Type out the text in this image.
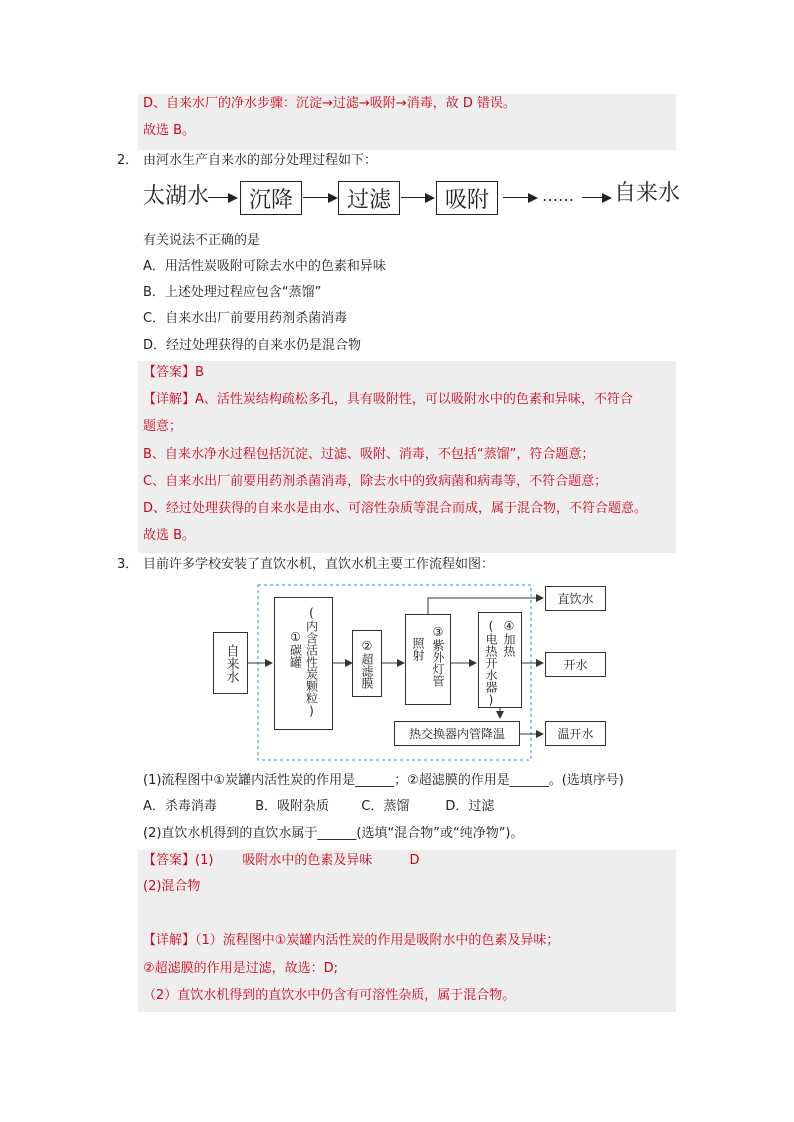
D、自来水厂的净水步骤：沉淀→过滤→吸附→消毒，故 D 错误。
故选 B。
2． 由河水生产自来水的部分处理过程如下：
太湖水	沉降	过滤	吸附	…… 自来水
有关说法不正确的是
A．用活性炭吸附可除去水中的色素和异味
B．上述处理过程应包含“蒸馏”
C．自来水出厂前要用药剂杀菌消毒
D．经过处理获得的自来水仍是混合物
【答案】B
【详解】A、活性炭结构疏松多孔，具有吸附性，可以吸附水中的色素和异味，不符合
题意；
B、自来水净水过程包括沉淀、过滤、吸附、消毒，不包括“蒸馏”，符合题意；
C、自来水出厂前要用药剂杀菌消毒，除去水中的致病菌和病毒等，不符合题意；
D、经过处理获得的自来水是由水、可溶性杂质等混合而成，属于混合物，不符合题意。
故选 B。
3． 目前许多学校安装了直饮水机，直饮水机主要工作流程如图：
自来水	(内含活性炭颗粒)
①碳罐	②超滤膜	③紫外灯管
照射	④加热
(电热开水器)
热交换器内管降温
直饮水
开水
温开水
(1)流程图中①炭罐内活性炭的作用是______；②超滤膜的作用是______。(选填序号)
A．杀毒消毒	B．吸附杂质 C．蒸馏	D．过滤
(2)直饮水机得到的直饮水属于______(选填“混合物”或“纯净物”)。
【答案】(1)       吸附水中的色素及异味         D
(2)混合物
【详解】（1）流程图中①炭罐内活性炭的作用是吸附水中的色素及异味；
②超滤膜的作用是过滤，故选：D;
（2）直饮水机得到的直饮水中仍含有可溶性杂质，属于混合物。
